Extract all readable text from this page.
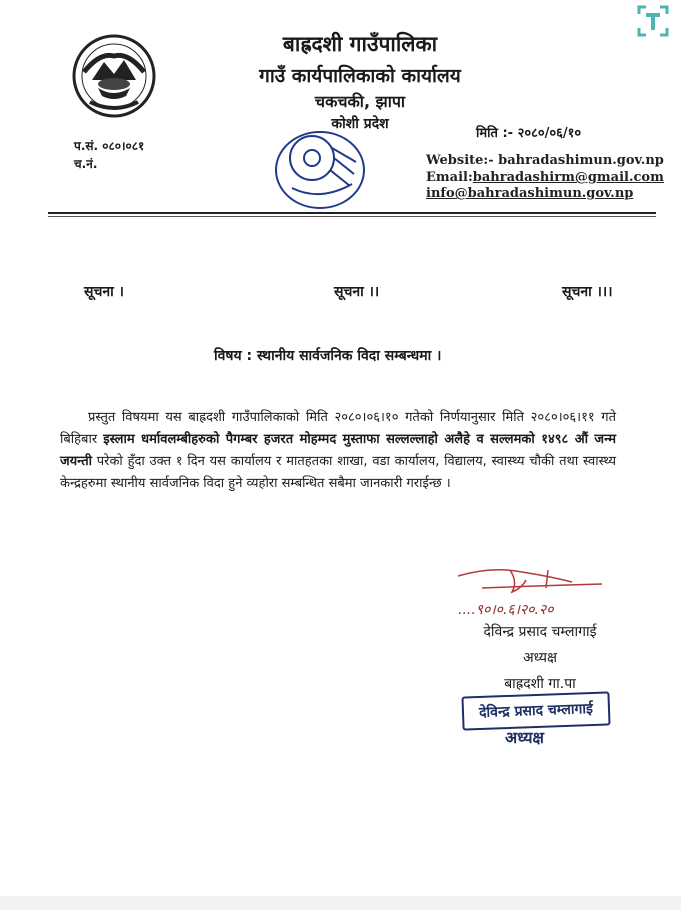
बाह्रदशी गाउँपालिका
गाउँ कार्यपालिकाको कार्यालय
चकचकी, झापा
कोशी प्रदेश
प.सं. ०८०।०८१
च.नं.
मिति :- २०८०/०६/१०
Website:- bahradashimun.gov.np
Email:bahradashirm@gmail.com
info@bahradashimun.gov.np
सूचना ।	सूचना ।।	सूचना ।।।
विषय : स्थानीय सार्वजनिक विदा सम्बन्धमा ।

प्रस्तुत विषयमा यस बाह्रदशी गाउँपालिकाको मिति २०८०।०६।१० गतेको निर्णयानुसार मिति २०८०।०६।११ गते बिहिबार इस्लाम धर्मावलम्बीहरुको पैगम्बर हजरत मोहम्मद मुस्ताफा सल्लल्लाहो अलैहे व सल्लमको १४९८ औं जन्म जयन्ती परेको हुँदा उक्त १ दिन यस कार्यालय र मातहतका शाखा, वडा कार्यालय, विद्यालय, स्वास्थ्य चौकी तथा स्वास्थ्य केन्द्रहरुमा स्थानीय सार्वजनिक विदा हुने व्यहोरा सम्बन्धित सबैमा जानकारी गराईन्छ ।

....९०।०.६।२०.२०
देविन्द्र प्रसाद चम्लागाई
अध्यक्ष
बाह्रदशी गा.पा
देविन्द्र प्रसाद चम्लागाई
अध्यक्ष
